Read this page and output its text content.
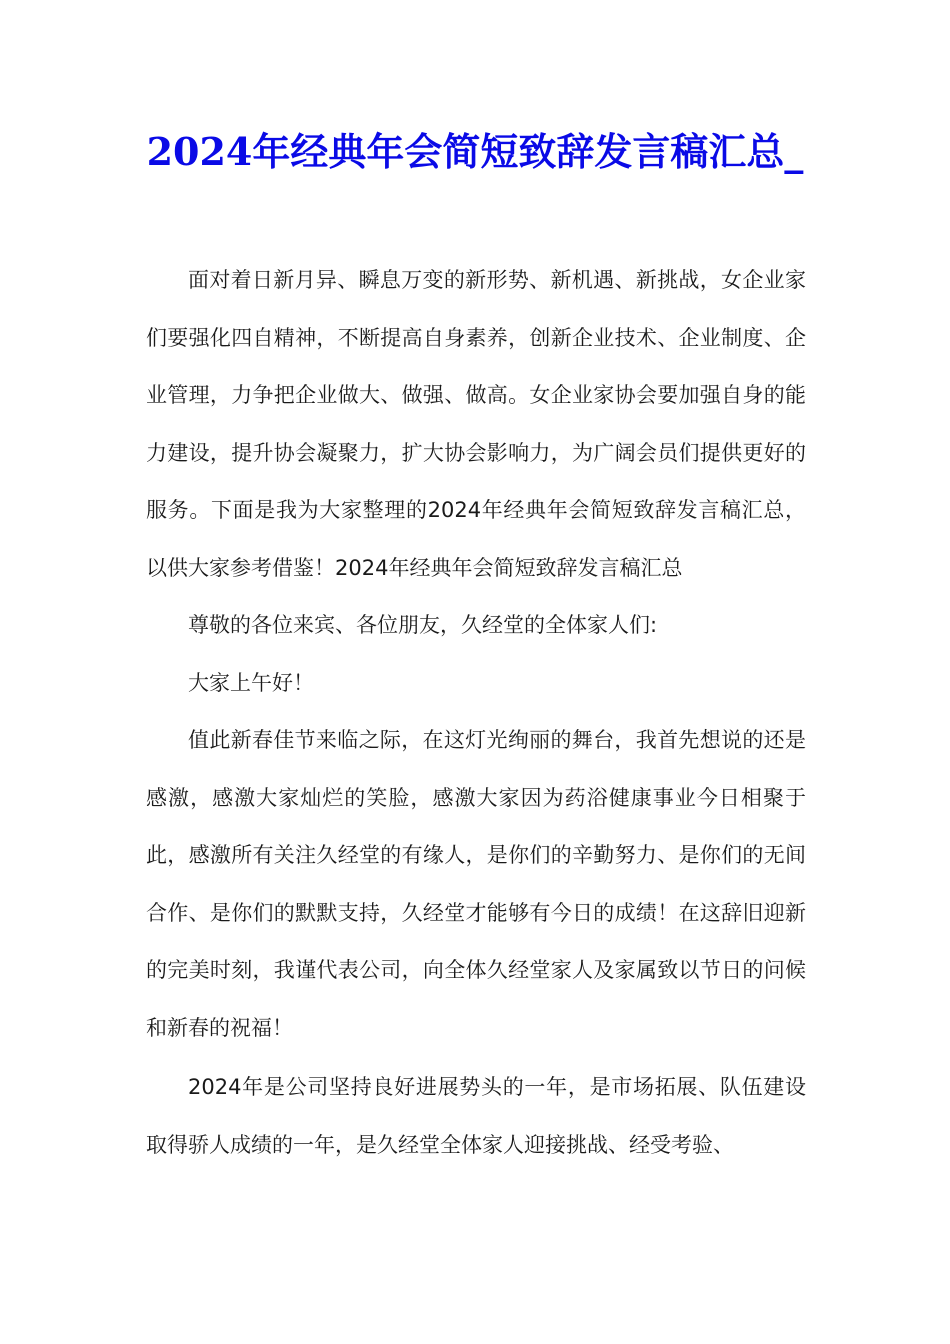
2024年经典年会简短致辞发言稿汇总_

面对着日新月异、瞬息万变的新形势、新机遇、新挑战，女企业家们要强化四自精神，不断提高自身素养，创新企业技术、企业制度、企业管理，力争把企业做大、做强、做高。女企业家协会要加强自身的能力建设，提升协会凝聚力，扩大协会影响力，为广阔会员们提供更好的服务。下面是我为大家整理的2024年经典年会简短致辞发言稿汇总，以供大家参考借鉴！2024年经典年会简短致辞发言稿汇总

尊敬的各位来宾、各位朋友，久经堂的全体家人们:

大家上午好！

值此新春佳节来临之际，在这灯光绚丽的舞台，我首先想说的还是感激，感激大家灿烂的笑脸，感激大家因为药浴健康事业今日相聚于此，感激所有关注久经堂的有缘人，是你们的辛勤努力、是你们的无间合作、是你们的默默支持，久经堂才能够有今日的成绩！在这辞旧迎新的完美时刻，我谨代表公司，向全体久经堂家人及家属致以节日的问候和新春的祝福！

2024年是公司坚持良好进展势头的一年，是市场拓展、队伍建设取得骄人成绩的一年，是久经堂全体家人迎接挑战、经受考验、
